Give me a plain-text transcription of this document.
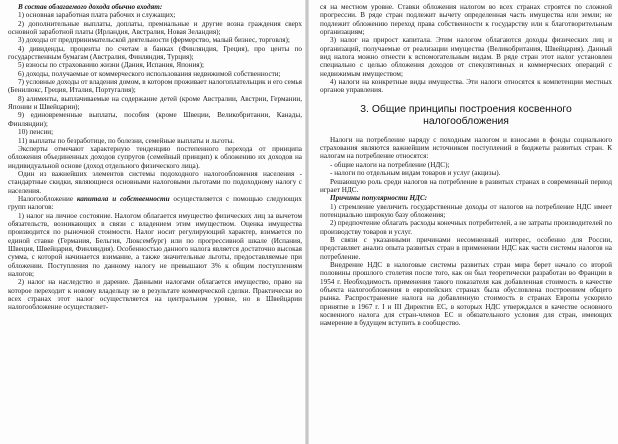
В состав облагаемого дохода обычно входят:

1) основная заработная плата рабочих и служащих;

2) дополнительные выплаты, доплаты, премиальные и другие возна граждения сверх основной заработной платы (Ирландия, Австралия, Новая Зеландия);

3) доходы от предпринимательской деятельности (фермерство, малый бизнес, торговля);

4) дивиденды, проценты по счетам в банках (Финляндия, Греция), про центы по государственным бумагам (Австралия, Финляндия, Турция);

5) взносы по страхованию жизни (Дания, Испания, Япония);

6) доходы, получаемые от коммерческого использования недвижимой собственности;

7) условные доходы от владения домом, в котором проживает налогоплательщик и его семья (Бенилюкс, Греция, Италия, Португалия);

8) алименты, выплачиваемые на содержание детей (кроме Австралии, Австрии, Германии, Японии и Швейцарии);

9) единовременные выплаты, пособия (кроме Швеции, Великобритании, Канады, Финляндии);

10) пенсии;

11) выплаты по безработице, по болезни, семейные выплаты и льготы.

Эксперты отмечают характерную тенденцию постепенного перехода от принципа обложения объединенных доходов супругов (семейный принцип) к обложению их доходов на индивидуальной основе (доход отдельного физического лица).

Один из важнейших элементов системы подоходного налогообложения населения - стандартные скидки, являющиеся основными налоговыми льготами по подоходному налогу с населения.

Налогообложение капитала и собственности осуществляется с помощью следующих групп налогов:

1) налог на личное состояние. Налогом облагается имущество физических лиц за вычетом обязательств, возникающих в связи с владением этим имуществом. Оценка имущества производится по рыночной стоимости. Налог носит регулирующий характер, взимается по единой ставке (Германия, Бельгия, Люксембург) или по прогрессивной шкале (Испания, Швеция, Швейцария, Финляндия). Особенностью данного налога является достаточно высокая сумма, с которой начинается взимание, а также значительные льготы, предоставляемые при обложении. Поступления по данному налогу не превышают 3% к общим поступлениям налогов;

2) налог на наследство и дарение. Данными налогами облагается имущество, право на которое переходит к новому владельцу не в результате коммерческой сделки. Практически во всех странах этот налог осуществляется на центральном уровне, но в Швейцарии налогообложение осуществляет-

ся на местном уровне. Ставки обложения налогом во всех странах строятся по сложной прогрессии. В ряде стран подлежит вычету определенная часть имущества или земли; не подлежит обложению переход права собственности к государству или к благотворительным организациям;

3) налог на прирост капитала. Этим налогом облагаются доходы физических лиц и организаций, получаемые от реализации имущества (Великобритания, Швейцария). Данный вид налога можно отнести к вспомогательным видам. В ряде стран этот налог установлен специально с целью обложения доходов от спекулятивных и коммерческих операций с недвижимым имуществом;

4) налоги на конкретные виды имущества. Эти налоги относятся к компетенции местных органов управления.

3. Общие принципы построения косвенного налогообложения

Налоги на потребление наряду с походным налогом и взносами в фонды социального страхования являются важнейшим источником поступлений в бюджеты развитых стран. К налогам на потребление относятся:

- общие налоги на потребление (НДС);
- налоги по отдельным видам товаров и услуг (акцизы).

Решающую роль среди налогов на потребление в развитых странах в современный период играет НДС.

Причины популярности НДС:

1) стремление увеличить государственные доходы от налогов на потребление НДС имеет потенциально широкую базу обложения;

2) предпочтение облагать расходы конечных потребителей, а не затраты производителей по производству товаров и услуг.

В связи с указанными причинами несомненный интерес, особенно для России, представляет анализ опыта развитых стран в применении НДС как части системы налогов на потребление.

Внедрение НДС в налоговые системы развитых стран мира берет начало со второй половины прошлого столетия после того, как он был теоретически разработан во Франции в 1954 г. Необходимость применения такого показателя как добавленная стоимость в качестве объекта налогообложения в европейских странах была обусловлена построением общего рынка. Распространение налога на добавленную стоимость в странах Европы ускорило принятие в 1967 г. I и III Директив ЕС, в которых НДС утверждался в качестве основного косвенного налога для стран-членов ЕС и обязательного условия для стран, имеющих намерение в будущем вступить в сообщество.
